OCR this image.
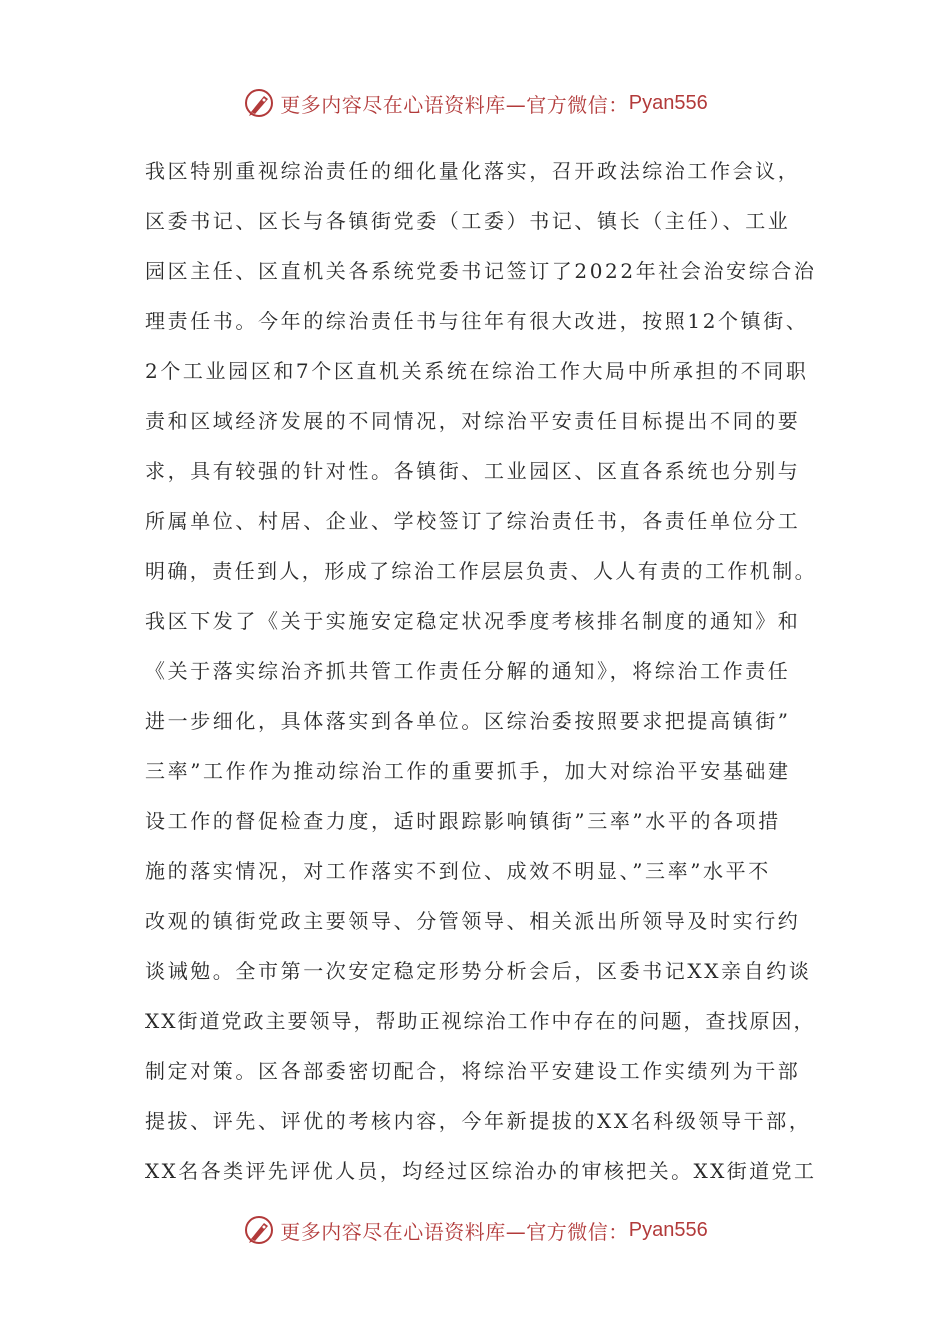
更多内容尽在心语资料库—官方微信： Pyan556
我区特别重视综治责任的细化量化落实，召开政法综治工作会议，
区委书记、区长与各镇街党委（工委）书记、镇长（主任）、工业
园区主任、区直机关各系统党委书记签订了2022年社会治安综合治
理责任书。今年的综治责任书与往年有很大改进，按照12个镇街、
2个工业园区和7个区直机关系统在综治工作大局中所承担的不同职
责和区域经济发展的不同情况，对综治平安责任目标提出不同的要
求，具有较强的针对性。各镇街、工业园区、区直各系统也分别与
所属单位、村居、企业、学校签订了综治责任书，各责任单位分工
明确，责任到人，形成了综治工作层层负责、人人有责的工作机制。
我区下发了《关于实施安定稳定状况季度考核排名制度的通知》和
《关于落实综治齐抓共管工作责任分解的通知》，将综治工作责任
进一步细化，具体落实到各单位。区综治委按照要求把提高镇街”
三率”工作作为推动综治工作的重要抓手，加大对综治平安基础建
设工作的督促检查力度，适时跟踪影响镇街”三率”水平的各项措
施的落实情况，对工作落实不到位、成效不明显、”三率”水平不
改观的镇街党政主要领导、分管领导、相关派出所领导及时实行约
谈诫勉。全市第一次安定稳定形势分析会后，区委书记XX亲自约谈
XX街道党政主要领导，帮助正视综治工作中存在的问题，查找原因，
制定对策。区各部委密切配合，将综治平安建设工作实绩列为干部
提拔、评先、评优的考核内容，今年新提拔的XX名科级领导干部，
XX名各类评先评优人员，均经过区综治办的审核把关。XX街道党工
更多内容尽在心语资料库—官方微信： Pyan556
